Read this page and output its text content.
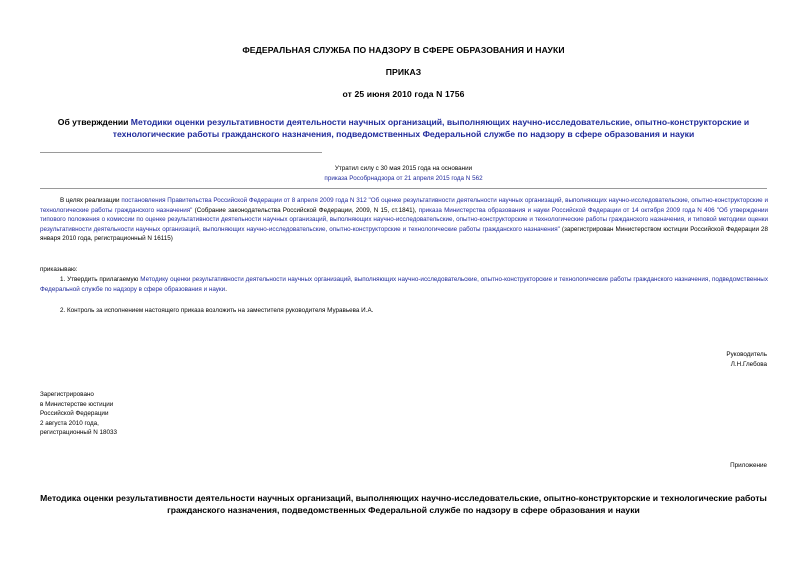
ФЕДЕРАЛЬНАЯ СЛУЖБА ПО НАДЗОРУ В СФЕРЕ ОБРАЗОВАНИЯ И НАУКИ
ПРИКАЗ
от 25 июня 2010 года N 1756
Об утверждении Методики оценки результативности деятельности научных организаций, выполняющих научно-исследовательские, опытно-конструкторские и технологические работы гражданского назначения, подведомственных Федеральной службе по надзору в сфере образования и науки
Утратил силу с 30 мая 2015 года на основании
приказа Рособрнадзора от 21 апреля 2015 года N 562
В целях реализации постановления Правительства Российской Федерации от 8 апреля 2009 года N 312 "Об оценке результативности деятельности научных организаций, выполняющих научно-исследовательские, опытно-конструкторские и технологические работы гражданского назначения" (Собрание законодательства Российской Федерации, 2009, N 15, ст.1841), приказа Министерства образования и науки Российской Федерации от 14 октября 2009 года N 406 "Об утверждении типового положения о комиссии по оценке результативности деятельности научных организаций, выполняющих научно-исследовательские, опытно-конструкторские и технологические работы гражданского назначения, и типовой методики оценки результативности деятельности научных организаций, выполняющих научно-исследовательские, опытно-конструкторские и технологические работы гражданского назначения" (зарегистрирован Министерством юстиции Российской Федерации 28 января 2010 года, регистрационный N 16115)
приказываю:
1. Утвердить прилагаемую Методику оценки результативности деятельности научных организаций, выполняющих научно-исследовательские, опытно-конструкторские и технологические работы гражданского назначения, подведомственных Федеральной службе по надзору в сфере образования и науки.
2. Контроль за исполнением настоящего приказа возложить на заместителя руководителя Муравьева И.А.
Руководитель
Л.Н.Глебова
Зарегистрировано
в Министерстве юстиции
Российской Федерации
2 августа 2010 года,
регистрационный N 18033
Приложение
Методика оценки результативности деятельности научных организаций, выполняющих научно-исследовательские, опытно-конструкторские и технологические работы гражданского назначения, подведомственных Федеральной службе по надзору в сфере образования и науки
